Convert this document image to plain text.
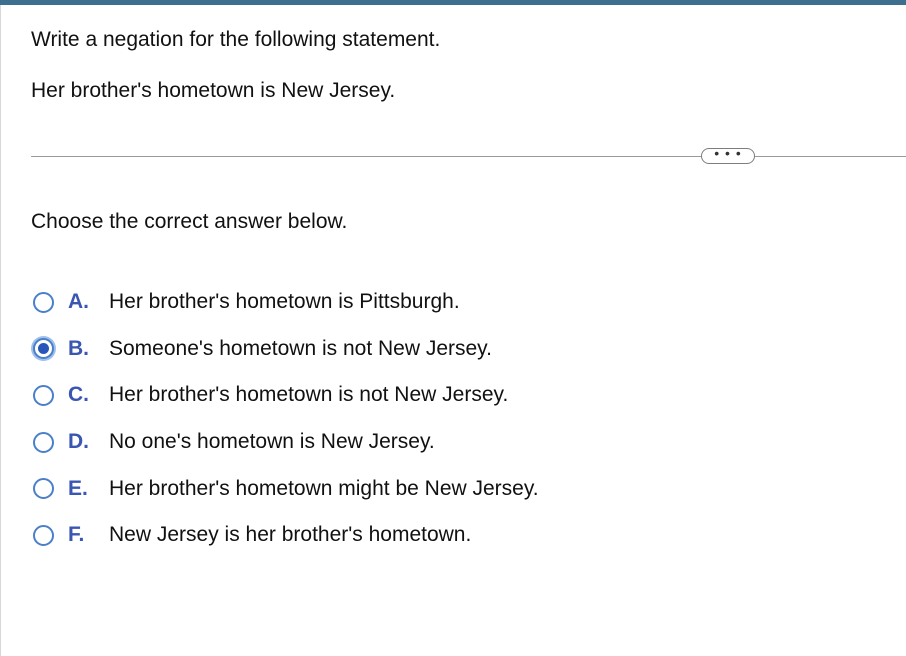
Write a negation for the following statement.

Her brother's hometown is New Jersey.

• • •

Choose the correct answer below.

A. Her brother's hometown is Pittsburgh.
B. Someone's hometown is not New Jersey.
C. Her brother's hometown is not New Jersey.
D. No one's hometown is New Jersey.
E.	Her brother's hometown might be New Jersey.
F.	New Jersey is her brother's hometown.
